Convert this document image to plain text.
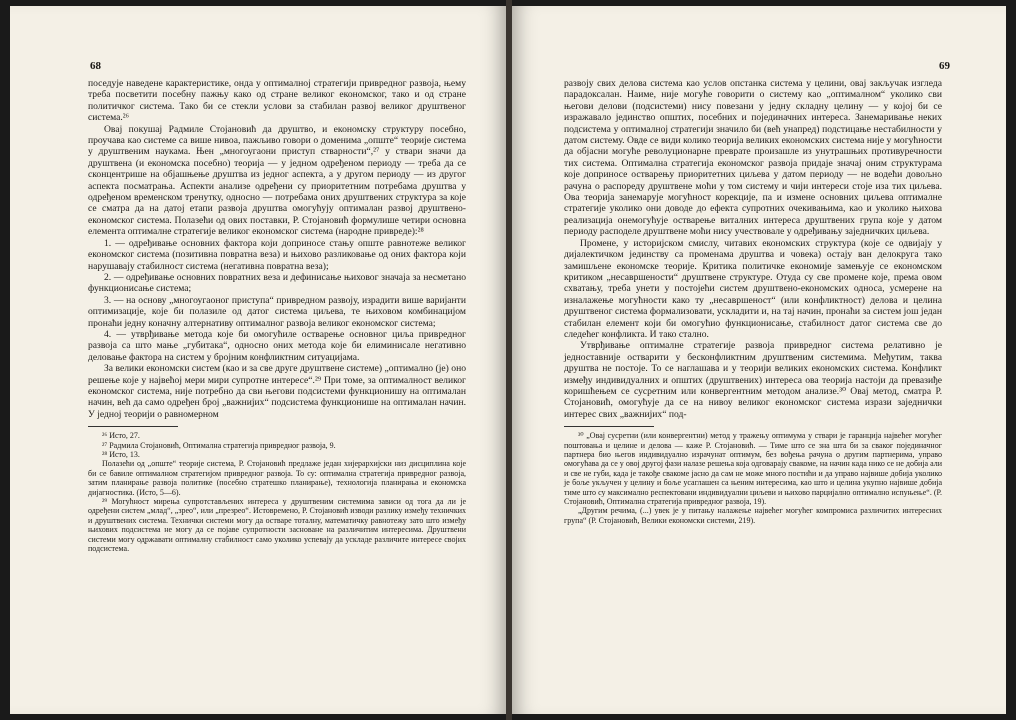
68

поседује наведене карактеристике, онда у оптималној стратегији привредног развоја, њему треба посветити посебну пажњу како од стране великог економског, тако и од стране политичког система. Тако би се стекли услови за стабилан развој великог друштвеног система.²⁶

Овај покушај Радмиле Стојановић да друштво, и економску структуру посебно, проучава као системе са више нивоа, пажљиво говори о доменима „опште“ теорије система у друштвеним наукама. Њен „многоугаони приступ стварности“,²⁷ у ствари значи да друштвена (и економска посебно) теорија — у једном одређеном периоду — треба да се сконцентрише на објашњење друштва из једног аспекта, а у другом периоду — из другог аспекта посматрања. Аспекти анализе одређени су приоритетним потребама друштва у одређеном временском тренутку, односно — потребама оних друштвених структура за које се сматра да на датој етапи развоја друштва омогућују оптималан развој друштвено-економског система. Полазећи од ових поставки, Р. Стојановић формулише четири основна елемента оптималне стратегије великог економског система (народне привреде):²⁸

1. — одређивање основних фактора који доприносе стању опште равнотеже великог економског система (позитивна повратна веза) и њихово разликовање од оних фактора који нарушавају стабилност система (негативна повратна веза);

2. — одређивање основних повратних веза и дефинисање њиховог значаја за несметано функционисање система;

3. — на основу „многоугаоног приступа“ привредном развоју, израдити више варијанти оптимизације, које би полазиле од датог система циљева, те њиховом комбинацијом пронаћи једну коначну алтернативу оптималног развоја великог економског система;

4. — утврђивање метода које би омогућиле остварење основног циља привредног развоја са што мање „губитака“, односно оних метода које би елиминисале негативно деловање фактора на систем у бројним конфликтним ситуацијама.

За велики економски систем (као и за све друге друштвене системе) „оптимално (је) оно решење које у највећој мери мири супротне интересе“.²⁹ При томе, за оптималност великог економског система, није потребно да сви његови подсистеми функционишу на оптималан начин, већ да само одређен број „важнијих“ подсистема функционише на оптималан начин. У једној теорији о равномерном

²⁶ Исто, 27.

²⁷ Радмила Стојановић, Оптимална стратегија привредног развоја, 9.

²⁸ Исто, 13.

Полазећи од „опште“ теорије система, Р. Стојановић предлаже један хијерархијски низ дисциплина које би се бавиле оптималном стратегијом привредног развоја. То су: оптимална стратегија привредног развоја, затим планирање развоја политике (посебно стратешко планирање), технологија планирања и економска дијагностика. (Исто, 5—6).

²⁹ Могућност мирења супротстављених интереса у друштвеним системима зависи од тога да ли је одређени систем „млад“, „зрео“, или „презрео“. Истовремено, Р. Стојановић изводи разлику између техничких и друштвених система. Технички системи могу да остваре тоталну, математичку равнотежу зато што између њихових подсистема не могу да се појаве супротности засноване на различитим интересима. Друштвени системи могу одржавати оптималну стабилност само уколико успевају да ускладе различите интересе својих подсистема.

69

развоју свих делова система као услов опстанка система у целини, овај закључак изгледа парадоксалан. Наиме, није могуће говорити о систему као „оптималном“ уколико сви његови делови (подсистеми) нису повезани у једну складну целину — у којој би се изражавало јединство општих, посебних и појединачних интереса. Занемаривање неких подсистема у оптималној стратегији значило би (већ унапред) подстицање нестабилности у датом систему. Овде се види колико теорија великих економских система није у могућности да објасни могуће револуционарне преврате произашле из унутрашњих противуречности тих система. Оптимална стратегија економског развоја придаје значај оним структурама које доприносе остварењу приоритетних циљева у датом периоду — не водећи довољно рачуна о распореду друштвене моћи у том систему и чији интереси стоје иза тих циљева. Ова теорија занемарује могућност корекције, па и измене основних циљева оптималне стратегије уколико они доводе до ефекта супротних очекивањима, као и уколико њихова реализација онемогућује остварење виталних интереса друштвених група које у датом периоду расподеле друштвене моћи нису учествовале у одређивању заједничких циљева.

Промене, у историјском смислу, читавих економских структура (које се одвијају у дијалектичком јединству са променама друштва и човека) остају ван делокруга тако замишљене економске теорије. Критика политичке економије замењује се економском критиком „несавршености“ друштвене структуре. Отуда су све промене које, према овом схватању, треба унети у постојећи систем друштвено-економских односа, усмерене на изналажење могућности како ту „несавршеност“ (или конфликтност) делова и целина друштвеног система формализовати, ускладити и, на тај начин, пронаћи за систем још један стабилан елемент који би омогућио функционисање, стабилност датог система све до следећег конфликта. И тако стално.

Утврђивање оптималне стратегије развоја привредног система релативно је једноставније остварити у бесконфликтним друштвеним системима. Међутим, таква друштва не постоје. То се наглашава и у теорији великих економских система. Конфликт између индивидуалних и општих (друштвених) интереса ова теорија настоји да превазиђе коришћењем се сусретним или конвергентним методом анализе.³⁰ Овај метод, сматра Р. Стојановић, омогућује да се на нивоу великог економског система изрази заједнички интерес свих „важнијих“ под-

³⁰ „Овај сусретни (или конвергентни) метод у тражењу оптимума у ствари је гаранција највећег могућег поштовања и целине и делова — каже Р. Стојановић. — Тиме што се зна шта би за сваког појединачног партнера био његов индивидуално израчунат оптимум, без вођења рачуна о другим партнерима, управо омогућава да се у овој другој фази налазе решења која одговарају свакоме, на начин када нико се не добија али и све не губи, када је такође свакоме јасно да сам не може много постићи и да управо највише добија уколико је боље укључен у целину и боље усаглашен са њеним интересима, као што и целина укупно највише добија тиме што су максимално респектовани индивидуални циљеви и њихово парцијално оптимално испуњење“. (Р. Стојановић, Оптимална стратегија привредног развоја, 19).

„Другим речима, (...) увек је у питању налажење највећег могућег компромиса различитих интересних група“ (Р. Стојановић, Велики економски системи, 219).
